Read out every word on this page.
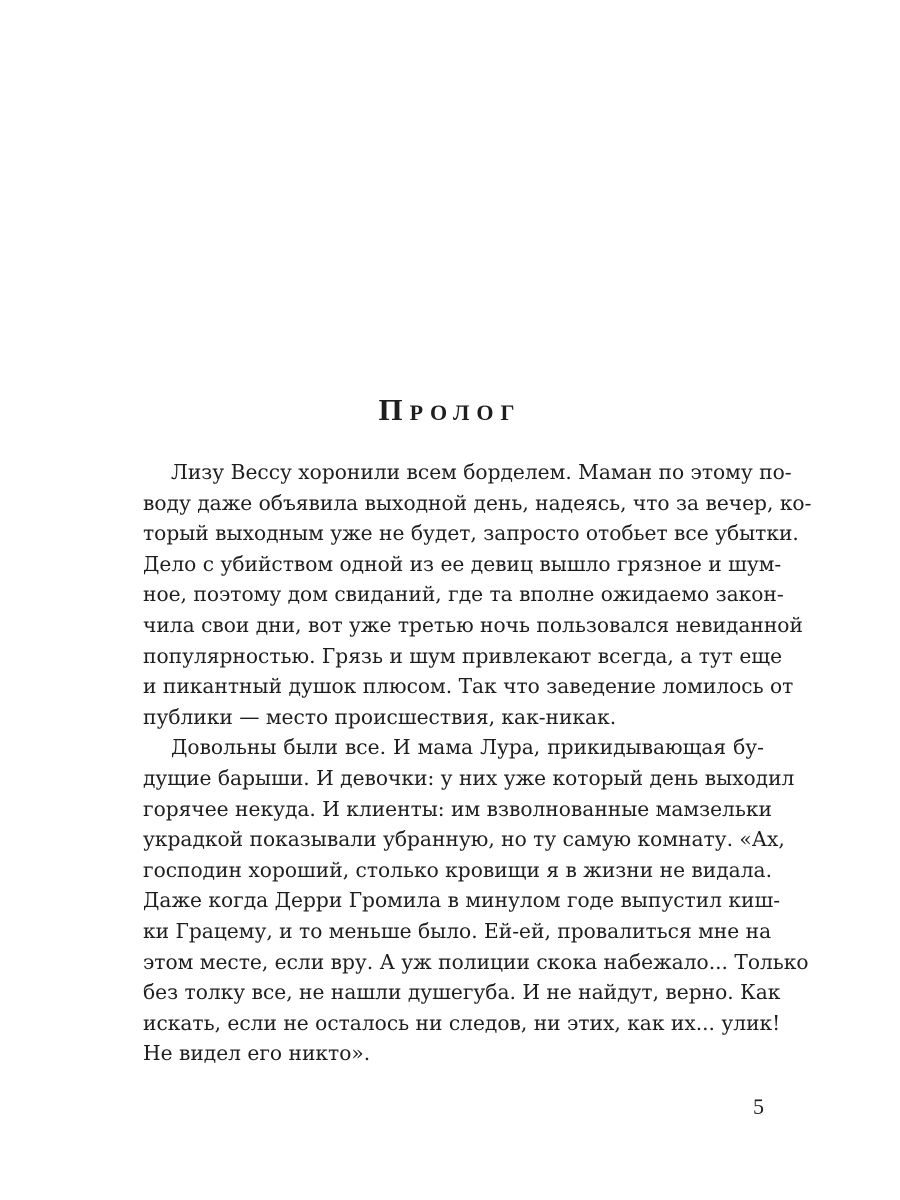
Пролог
Лизу Вессу хоронили всем борделем. Маман по этому по-
воду даже объявила выходной день, надеясь, что за вечер, ко-
торый выходным уже не будет, запросто отобьет все убытки.
Дело с убийством одной из ее девиц вышло грязное и шум-
ное, поэтому дом свиданий, где та вполне ожидаемо закон-
чила свои дни, вот уже третью ночь пользовался невиданной
популярностью. Грязь и шум привлекают всегда, а тут еще
и пикантный душок плюсом. Так что заведение ломилось от
публики — место происшествия, как-никак.
Довольны были все. И мама Лура, прикидывающая бу-
дущие барыши. И девочки: у них уже который день выходил
горячее некуда. И клиенты: им взволнованные мамзельки
украдкой показывали убранную, но ту самую комнату. «Ах,
господин хороший, столько кровищи я в жизни не видала.
Даже когда Дерри Громила в минулом годе выпустил киш-
ки Грацему, и то меньше было. Ей-ей, провалиться мне на
этом месте, если вру. А уж полиции скока набежало... Только
без толку все, не нашли душегуба. И не найдут, верно. Как
искать, если не осталось ни следов, ни этих, как их... улик!
Не видел его никто».
5
